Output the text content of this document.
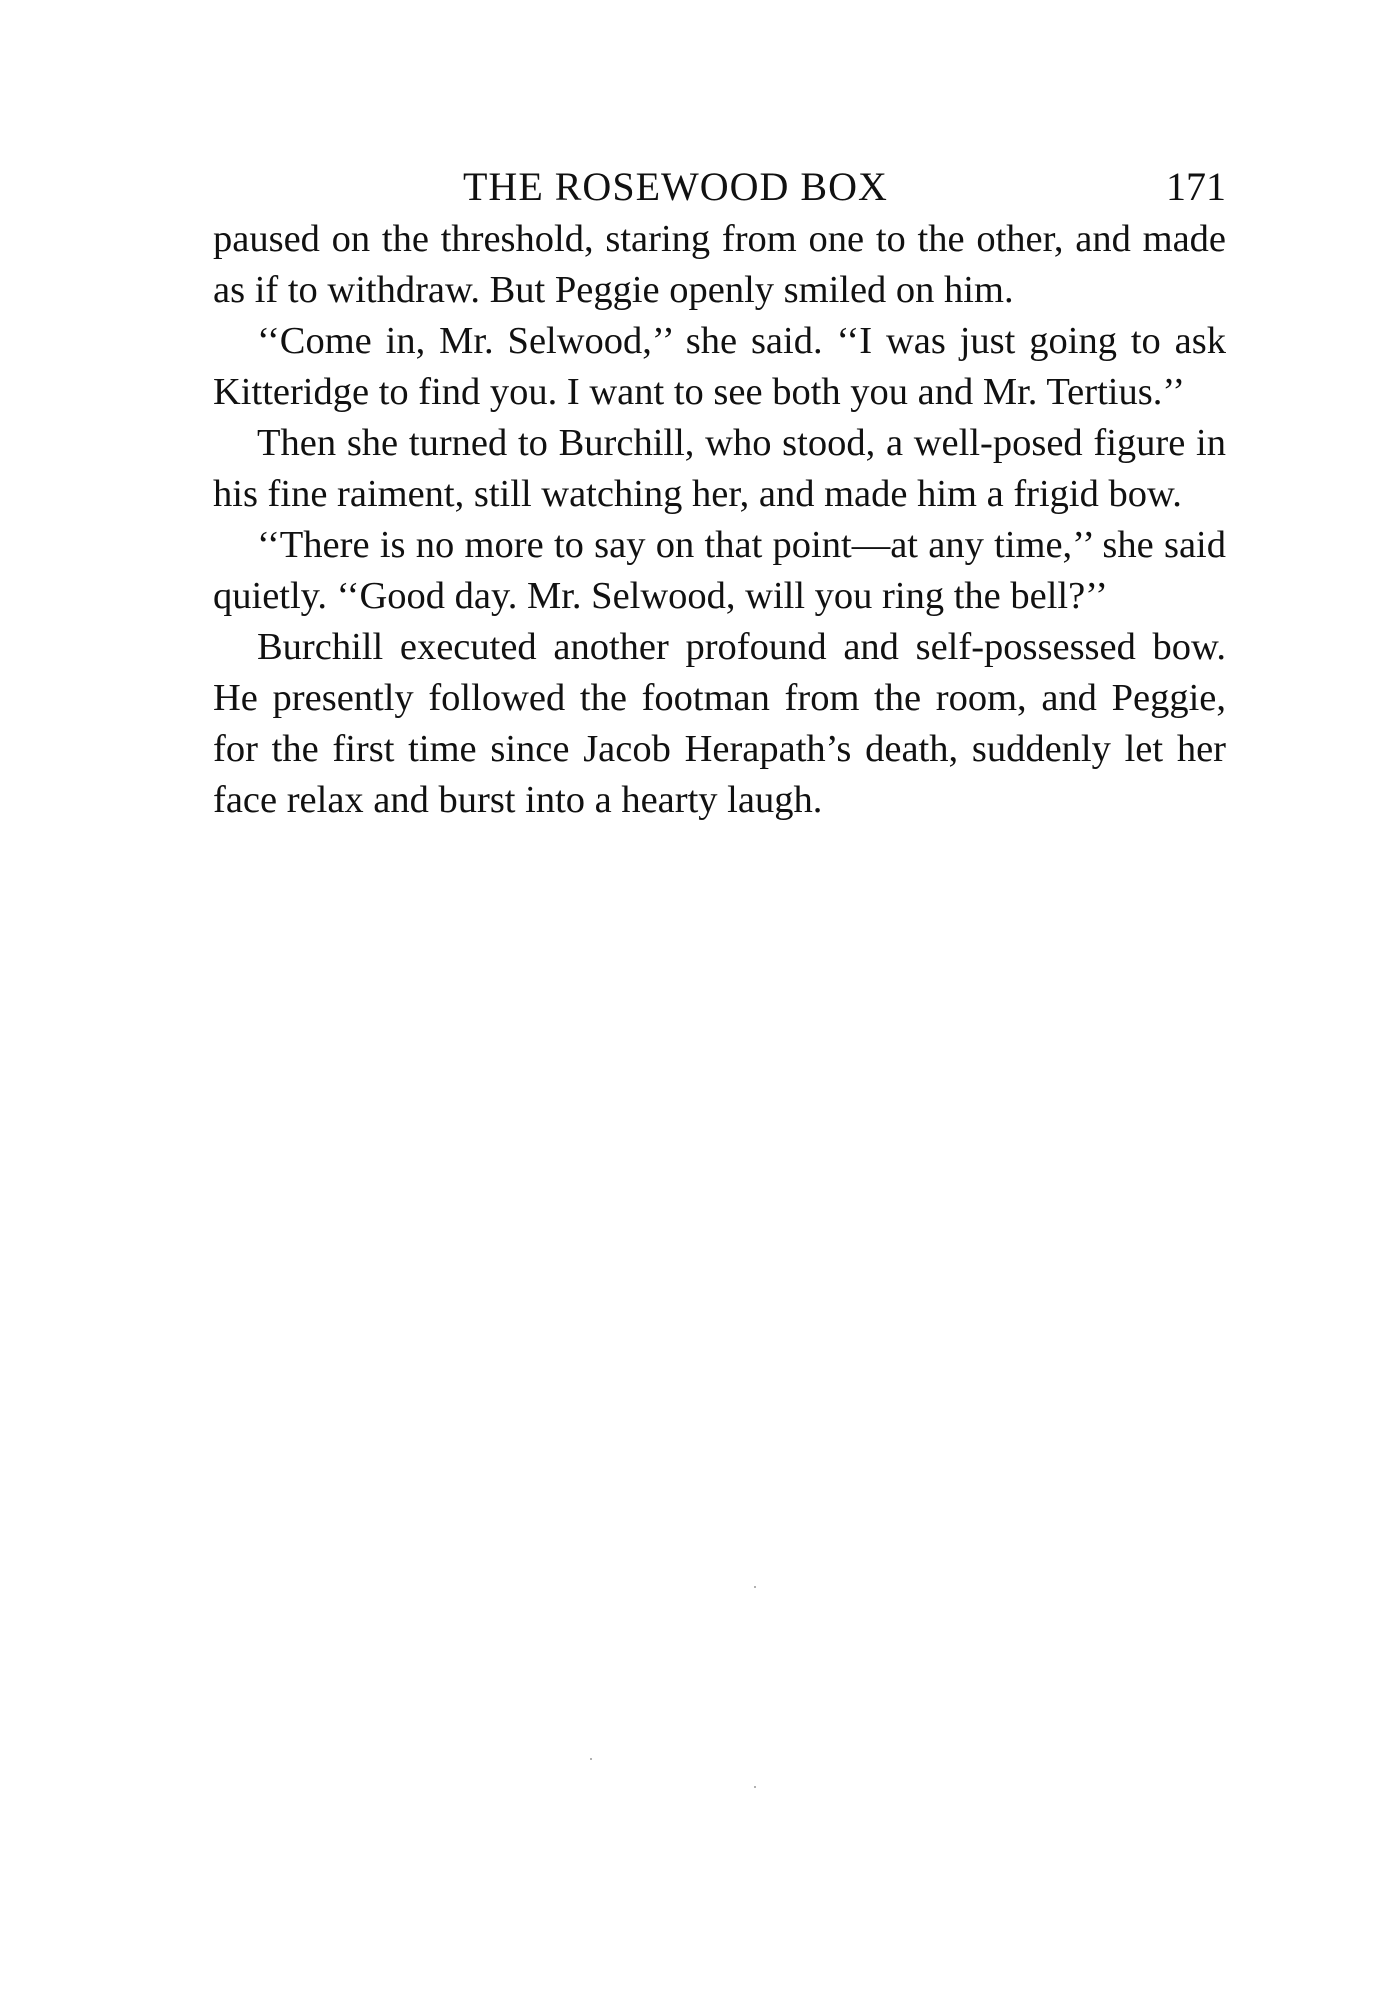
THE ROSEWOOD BOX	171

paused on the threshold, staring from one to the other, and made as if to withdraw. But Peggie openly smiled on him.

‘‘Come in, Mr. Selwood,’’ she said. ‘‘I was just going to ask Kitteridge to find you. I want to see both you and Mr. Tertius.’’

Then she turned to Burchill, who stood, a well-posed figure in his fine raiment, still watching her, and made him a frigid bow.

‘‘There is no more to say on that point—at any time,’’ she said quietly. ‘‘Good day. Mr. Selwood, will you ring the bell?’’

Burchill executed another profound and self-possessed bow. He presently followed the footman from the room, and Peggie, for the first time since Jacob Herapath’s death, suddenly let her face relax and burst into a hearty laugh.
